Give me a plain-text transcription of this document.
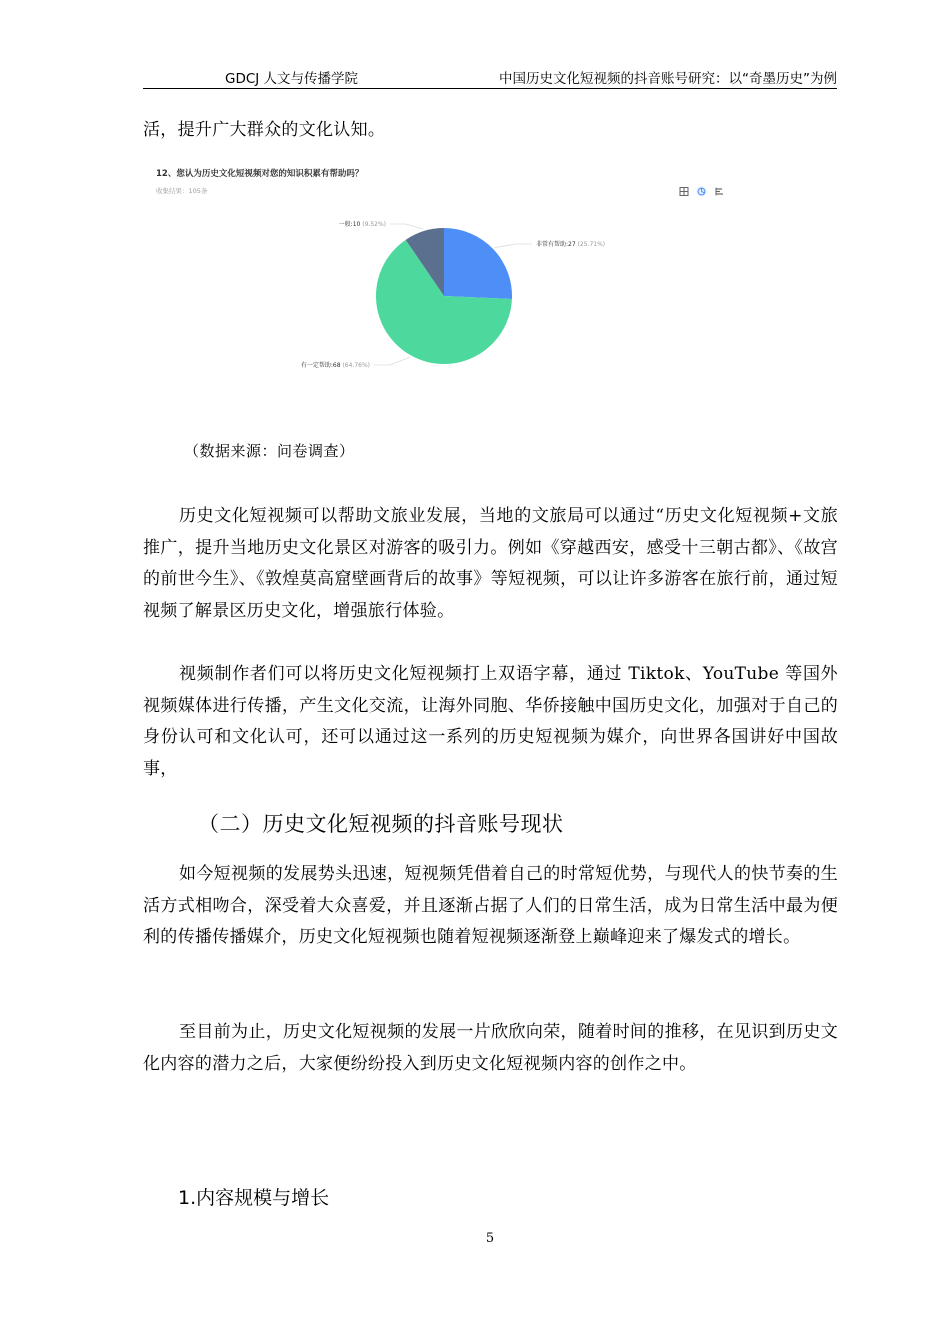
GDCJ 人文与传播学院	中国历史文化短视频的抖音账号研究：以“奇墨历史”为例

活，提升广大群众的文化认知。

12、您认为历史文化短视频对您的知识积累有帮助吗？
收集结果：105条
非常有帮助:27 (25.71%)
有一定帮助:68 (64.76%)
一般:10 (9.52%)
（数据来源：问卷调查）

历史文化短视频可以帮助文旅业发展，当地的文旅局可以通过“历史文化短视频+文旅推广，提升当地历史文化景区对游客的吸引力。例如《穿越西安，感受十三朝古都》、《故宫的前世今生》、《敦煌莫高窟壁画背后的故事》等短视频，可以让许多游客在旅行前，通过短视频了解景区历史文化，增强旅行体验。

视频制作者们可以将历史文化短视频打上双语字幕，通过 Tiktok、YouTube 等国外视频媒体进行传播，产生文化交流，让海外同胞、华侨接触中国历史文化，加强对于自己的身份认可和文化认可，还可以通过这一系列的历史短视频为媒介，向世界各国讲好中国故事，

（二）历史文化短视频的抖音账号现状

如今短视频的发展势头迅速，短视频凭借着自己的时常短优势，与现代人的快节奏的生活方式相吻合，深受着大众喜爱，并且逐渐占据了人们的日常生活，成为日常生活中最为便利的传播传播媒介，历史文化短视频也随着短视频逐渐登上巅峰迎来了爆发式的增长。

至目前为止，历史文化短视频的发展一片欣欣向荣，随着时间的推移，在见识到历史文化内容的潜力之后，大家便纷纷投入到历史文化短视频内容的创作之中。

1.内容规模与增长
5
